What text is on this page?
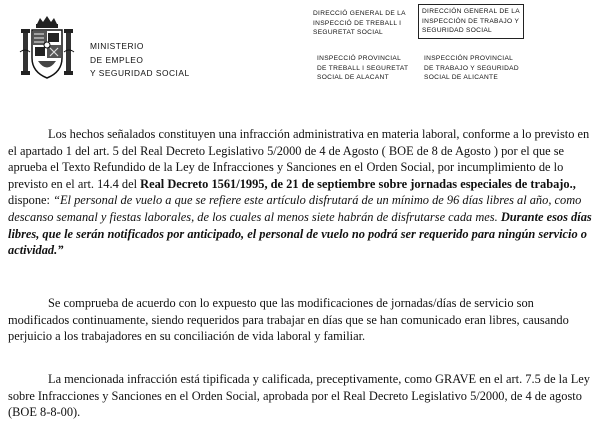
MINISTERIO
DE EMPLEO
Y SEGURIDAD SOCIAL
DIRECCIÓ GENERAL DE LA
INSPECCIÓ DE TREBALL I
SEGURETAT SOCIAL
DIRECCIÓN GENERAL DE LA
INSPECCIÓN DE TRABAJO Y
SEGURIDAD SOCIAL
INSPECCIÓ PROVINCIAL
DE TREBALL I SEGURETAT
SOCIAL DE ALACANT
INSPECCIÓN PROVINCIAL
DE TRABAJO Y SEGURIDAD
SOCIAL DE ALICANTE
Los hechos señalados constituyen una infracción administrativa en materia laboral, conforme a lo previsto en
el apartado 1 del art. 5 del Real Decreto Legislativo 5/2000 de 4 de Agosto ( BOE de 8 de Agosto ) por el que se
aprueba el Texto Refundido de la Ley de Infracciones y Sanciones en el Orden Social, por incumplimiento de lo
previsto en el art. 14.4 del Real Decreto 1561/1995, de 21 de septiembre sobre jornadas especiales de trabajo.,
dispone: “El personal de vuelo a que se refiere este artículo disfrutará de un mínimo de 96 días libres al año, como
descanso semanal y fiestas laborales, de los cuales al menos siete habrán de disfrutarse cada mes. Durante esos días
libres, que le serán notificados por anticipado, el personal de vuelo no podrá ser requerido para ningún servicio o
actividad.”
Se comprueba de acuerdo con lo expuesto que las modificaciones de jornadas/días de servicio son
modificados continuamente, siendo requeridos para trabajar en días que se han comunicado eran libres, causando
perjuicio a los trabajadores en su conciliación de vida laboral y familiar.
La mencionada infracción está tipificada y calificada, preceptivamente, como GRAVE en el art. 7.5 de la Ley
sobre Infracciones y Sanciones en el Orden Social, aprobada por el Real Decreto Legislativo 5/2000, de 4 de agosto
(BOE 8-8-00).
